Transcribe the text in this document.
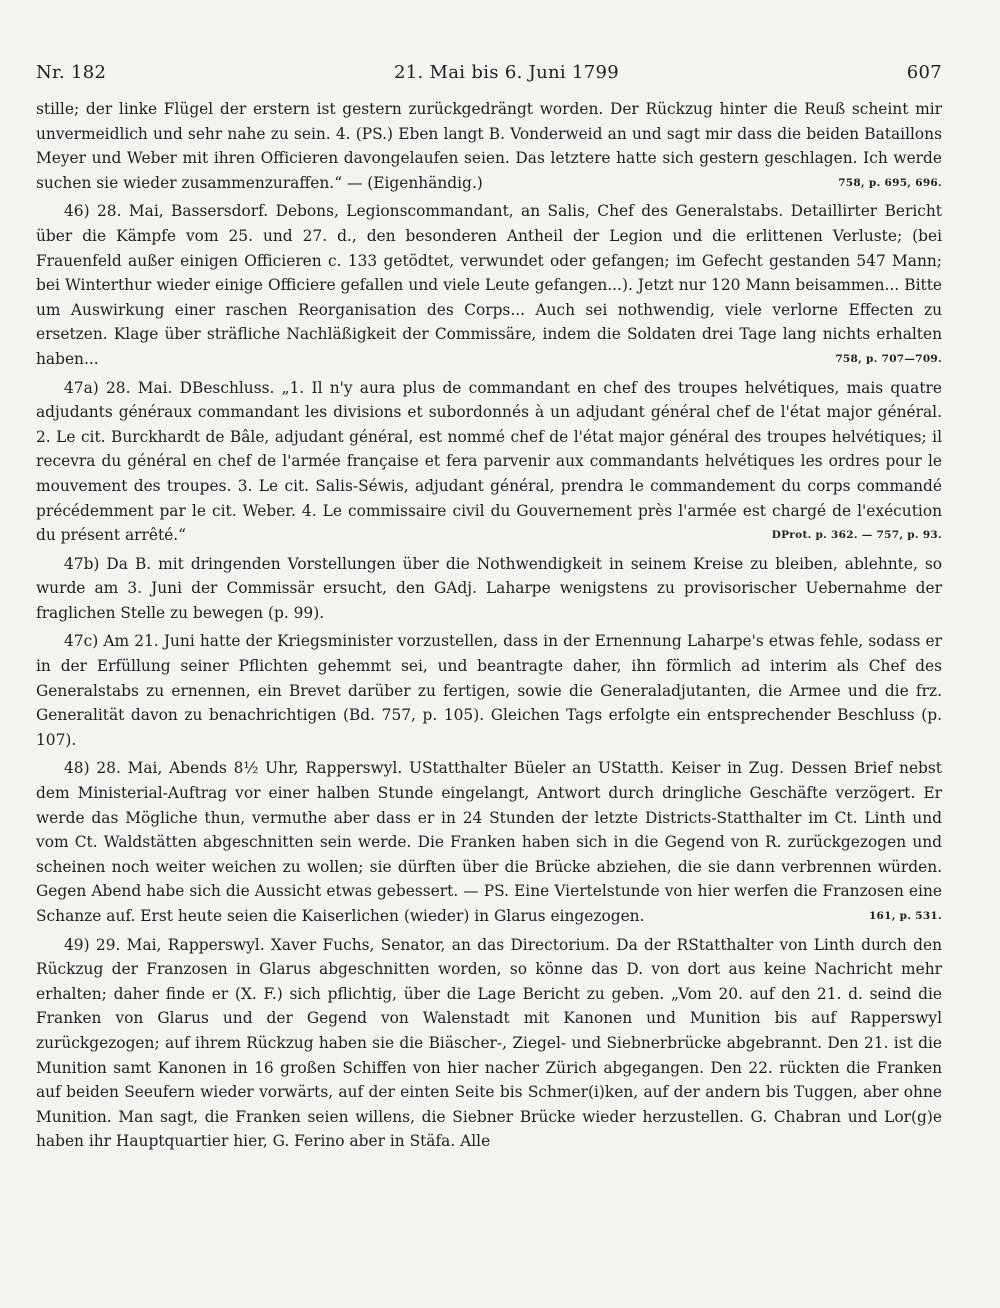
Nr. 182	21. Mai bis 6. Juni 1799	607

stille; der linke Flügel der erstern ist gestern zurückgedrängt worden. Der Rückzug hinter die Reuß scheint mir unvermeidlich und sehr nahe zu sein. 4. (PS.) Eben langt B. Vonderweid an und sagt mir dass die beiden Bataillons Meyer und Weber mit ihren Officieren davongelaufen seien. Das letztere hatte sich gestern geschlagen. Ich werde suchen sie wieder zusammenzuraffen.“ — (Eigenhändig.)	758, p. 695, 696.

46) 28. Mai, Bassersdorf. Debons, Legionscommandant, an Salis, Chef des Generalstabs. Detaillirter Bericht über die Kämpfe vom 25. und 27. d., den besonderen Antheil der Legion und die erlittenen Verluste; (bei Frauenfeld außer einigen Officieren c. 133 getödtet, verwundet oder gefangen; im Gefecht gestanden 547 Mann; bei Winterthur wieder einige Officiere gefallen und viele Leute gefangen...). Jetzt nur 120 Mann beisammen... Bitte um Auswirkung einer raschen Reorganisation des Corps... Auch sei nothwendig, viele verlorne Effecten zu ersetzen. Klage über sträfliche Nachläßigkeit der Commissäre, indem die Soldaten drei Tage lang nichts erhalten haben...	758, p. 707—709.

47a) 28. Mai. DBeschluss. „1. Il n'y aura plus de commandant en chef des troupes helvétiques, mais quatre adjudants généraux commandant les divisions et subordonnés à un adjudant général chef de l'état major général. 2. Le cit. Burckhardt de Bâle, adjudant général, est nommé chef de l'état major général des troupes helvétiques; il recevra du général en chef de l'armée française et fera parvenir aux commandants helvétiques les ordres pour le mouvement des troupes. 3. Le cit. Salis-Séwis, adjudant général, prendra le commandement du corps commandé précédemment par le cit. Weber. 4. Le commissaire civil du Gouvernement près l'armée est chargé de l'exécution du présent arrêté.“	DProt. p. 362. — 757, p. 93.

47b) Da B. mit dringenden Vorstellungen über die Nothwendigkeit in seinem Kreise zu bleiben, ablehnte, so wurde am 3. Juni der Commissär ersucht, den GAdj. Laharpe wenigstens zu provisorischer Uebernahme der fraglichen Stelle zu bewegen (p. 99).

47c) Am 21. Juni hatte der Kriegsminister vorzustellen, dass in der Ernennung Laharpe's etwas fehle, sodass er in der Erfüllung seiner Pflichten gehemmt sei, und beantragte daher, ihn förmlich ad interim als Chef des Generalstabs zu ernennen, ein Brevet darüber zu fertigen, sowie die Generaladjutanten, die Armee und die frz. Generalität davon zu benachrichtigen (Bd. 757, p. 105). Gleichen Tags erfolgte ein entsprechender Beschluss (p. 107).

48) 28. Mai, Abends 8½ Uhr, Rapperswyl. UStatthalter Büeler an UStatth. Keiser in Zug. Dessen Brief nebst dem Ministerial-Auftrag vor einer halben Stunde eingelangt, Antwort durch dringliche Geschäfte verzögert. Er werde das Mögliche thun, vermuthe aber dass er in 24 Stunden der letzte Districts-Statthalter im Ct. Linth und vom Ct. Waldstätten abgeschnitten sein werde. Die Franken haben sich in die Gegend von R. zurückgezogen und scheinen noch weiter weichen zu wollen; sie dürften über die Brücke abziehen, die sie dann verbrennen würden. Gegen Abend habe sich die Aussicht etwas gebessert. — PS. Eine Viertelstunde von hier werfen die Franzosen eine Schanze auf. Erst heute seien die Kaiserlichen (wieder) in Glarus eingezogen.	161, p. 531.

49) 29. Mai, Rapperswyl. Xaver Fuchs, Senator, an das Directorium. Da der RStatthalter von Linth durch den Rückzug der Franzosen in Glarus abgeschnitten worden, so könne das D. von dort aus keine Nachricht mehr erhalten; daher finde er (X. F.) sich pflichtig, über die Lage Bericht zu geben. „Vom 20. auf den 21. d. seind die Franken von Glarus und der Gegend von Walenstadt mit Kanonen und Munition bis auf Rapperswyl zurückgezogen; auf ihrem Rückzug haben sie die Biäscher-, Ziegel- und Siebnerbrücke abgebrannt. Den 21. ist die Munition samt Kanonen in 16 großen Schiffen von hier nacher Zürich abgegangen. Den 22. rückten die Franken auf beiden Seeufern wieder vorwärts, auf der einten Seite bis Schmer(i)ken, auf der andern bis Tuggen, aber ohne Munition. Man sagt, die Franken seien willens, die Siebner Brücke wieder herzustellen. G. Chabran und Lor(g)e haben ihr Hauptquartier hier, G. Ferino aber in Stäfa. Alle
